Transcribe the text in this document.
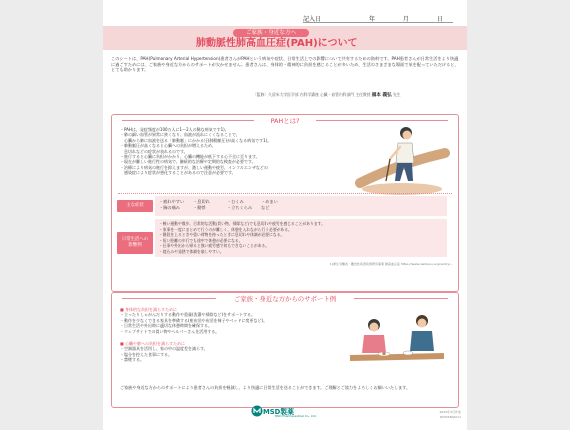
記入日	年	月	日
ご家族・身近な方へ
肺動脈性肺高血圧症(PAH)について
このシートは、PAH(Pulmonary Arterial Hypertension)患者さんがPAHという病気や症状、日常生活上での影響について共有するための資料です。PAH患者さんが日常生活をより快適に過ごすためには、ご家族や身近な方からのサポートが欠かせません。患者さんは、身体的・精神的に負担を感じることが多いため、生活のさまざまな場面で気を配っていただけると、とても助かります。
〔監修〕久留米大学医学部 内科学講座 心臓・血管内科部門 主任教授 福本 義弘 先生
PAHとは?
・PAHは、発症頻度が100万人に1〜2人の稀な病気です1)。
・肺の細い血管が異常に狭くなり、血液が流れにくくなることで、
　心臓から肺に血液を送る「肺動脈」にかかる圧(肺動脈圧)が高くなる病気です1)。
・肺動脈圧が高くなると心臓への負担が増えるため、
　息切れなどの症状が表れるのです。
・進行すると心臓に負担がかかり、心臓の機能が低下する心不全に至ります。
・現在が難しい進行性の病気で、継続的な治療や定期的な検査が必要です。
・治療により病気の進行を抑えますが、激しい運動や疲労、インフルエンザなどの
　感染症により症状が悪化することがあるので注意が必要です。
主な症状
・疲れやすい ・息切れ	・むくみ	・めまい
・胸の痛み	・動悸	・立ちくらみ など
日常生活への
影響例
・軽い運動や散歩、日常的な活動(買い物、掃除など)でも息切れや疲労を感じることがあります。
・家事を一度にまとめて行うのが難しく、休憩を入れながら行う必要がある。
・階段を上るときや重い荷物を持ったときに息切れや体調が必要になる。
・短い距離の歩行でも途中で休憩が必要になる。
・仕事や外出から帰ると強い疲労感で何もできないことがある。
・寝込みや発熱で体調を崩しやすい。
1)厚生労働省・難治性疾患政策研究事業 肺高血圧症 https://www.nanbyou.or.jp/entry/...
ご家族・身近な方からのサポート例
■ 身体的な負担を減らすために
・立ったりしゃがんだりする動作や重量(洗濯や掃除など)をサポートする。
・動作を少なくできる家具を準備する(座布団や布団を椅子やベッドに変更など)。
・日常生活や外出時に適切な休憩時間を確保する。
・ウェブサイトでの買い物やヘルパーさんを活用する。
■ 心臓や肺への負担を減らすために
・空調器具を活用し、家の中の温度差を減らす。
・塩分を控えた食事にする。
・禁煙する。
ご家族や身近な方からのサポートにより患者さんの負担を軽減し、より快適に日常生活を送ることができます。ご理解とご協力をよろしくお願いいたします。
MSD製薬
MSD Pharmaceutical Co., Ltd.
2025年4月作成
PAH25PA0011
